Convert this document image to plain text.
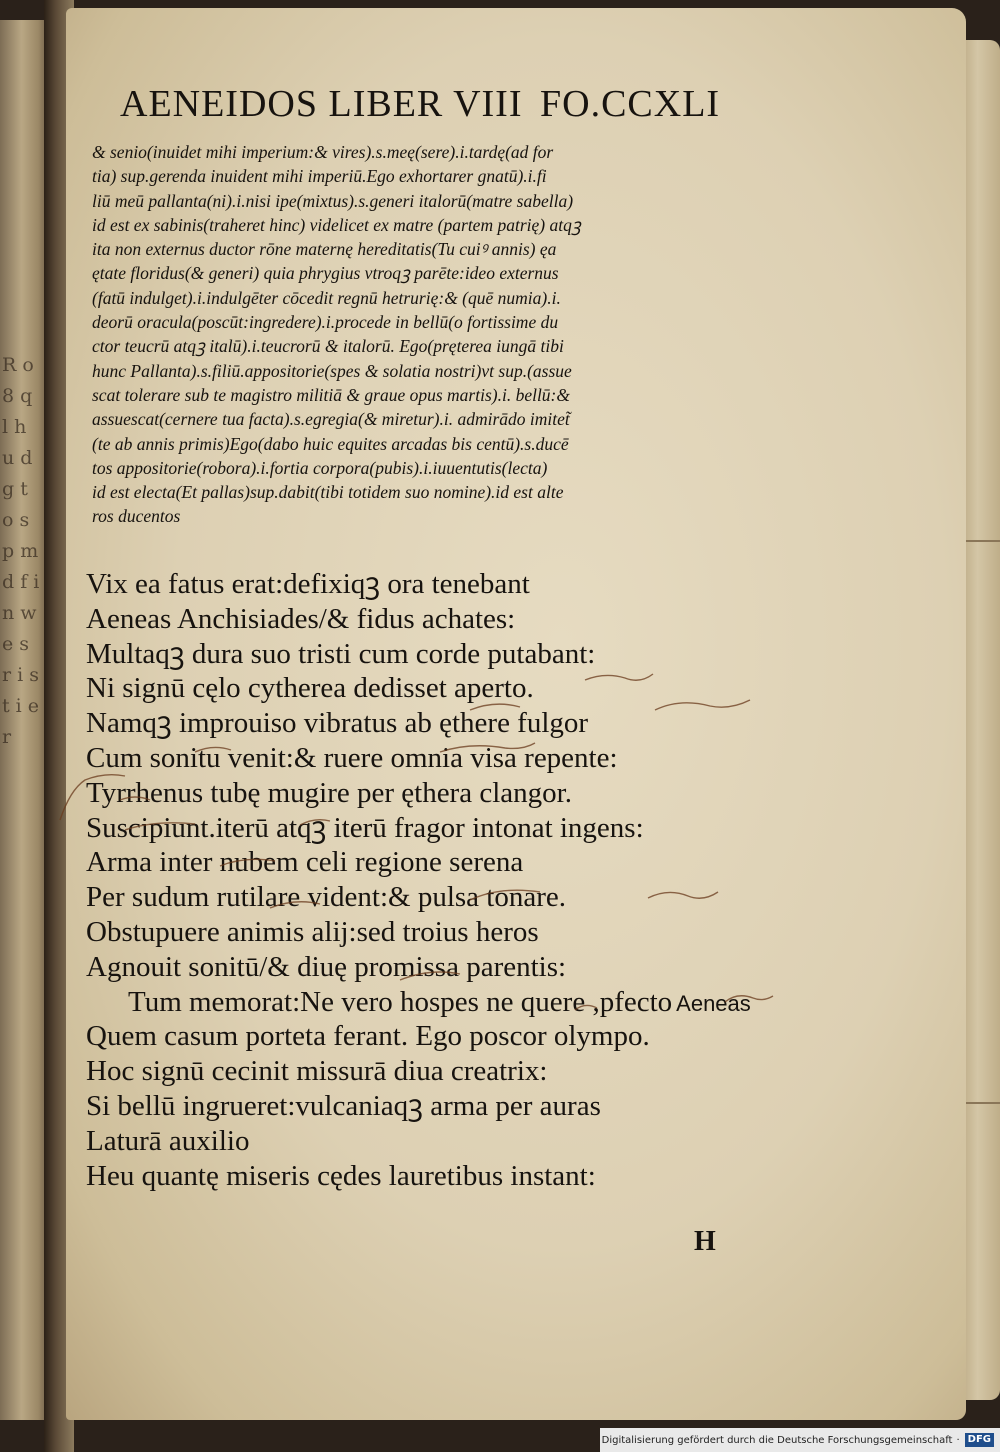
R o 8 q l h u d g t o s p m d f i n w e s r i s t i e r
AENEIDOS LIBER VIII FO.CCXLI
& senio(inuidet mihi imperium:& vires).s.meę(sere).i.tardę(ad for
tia) sup.gerenda inuident mihi imperiū.Ego exhortarer gnatū).i.fi
liū meū pallanta(ni).i.nisi ipe(mixtus).s.generi italorū(matre sabella)
id est ex sabinis(traheret hinc) videlicet ex matre (partem patrię) atqꝫ
ita non externus ductor rōne maternę hereditatis(Tu cuiꝰ annis) ęa
ętate floridus(& generi) quia phrygius vtroqꝫ parēte:ideo externus
(fatū indulget).i.indulgēter cōcedit regnū hetrurię:& (quē numia).i.
deorū oracula(poscūt:ingredere).i.procede in bellū(o fortissime du
ctor teucrū atqꝫ italū).i.teucrorū & italorū. Ego(pręterea iungā tibi
hunc Pallanta).s.filiū.appositorie(spes & solatia nostri)vt sup.(assue
scat tolerare sub te magistro militiā & graue opus martis).i. bellū:&
assuescat(cernere tua facta).s.egregia(& miretur).i. admirādo imitet̃
(te ab annis primis)Ego(dabo huic equites arcadas bis centū).s.ducē
tos appositorie(robora).i.fortia corpora(pubis).i.iuuentutis(lecta)
id est electa(Et pallas)sup.dabit(tibi totidem suo nomine).id est alte
ros ducentos
Vix ea fatus erat:defixiqꝫ ora tenebant
Aeneas Anchisiades/& fidus achates:
Multaqꝫ dura suo tristi cum corde putabant:
Ni signū cęlo cytherea dedisset aperto.
Namqꝫ improuiso vibratus ab ęthere fulgor
Cum sonitu venit:& ruere omnia visa repente:
Tyrrhenus tubę mugire per ęthera clangor.
Suscipiunt.iterū atqꝫ iterū fragor intonat ingens:
Arma inter nubem celi regione serena
Per sudum rutilare vident:& pulsa tonare.
Obstupuere animis alij:sed troius heros
Agnouit sonitū/& diuę promissa parentis:
Tum memorat:Ne vero hospes ne quere ,pfecto Aeneas
Quem casum porteta ferant. Ego poscor olympo.
Hoc signū cecinit missurā diua creatrix:
Si bellū ingrueret:vulcaniaqꝫ arma per auras
Laturā auxilio
Heu quantę miseris cędes lauretibus instant:
H
Digitalisierung gefördert durch die Deutsche Forschungsgemeinschaft · DFG
